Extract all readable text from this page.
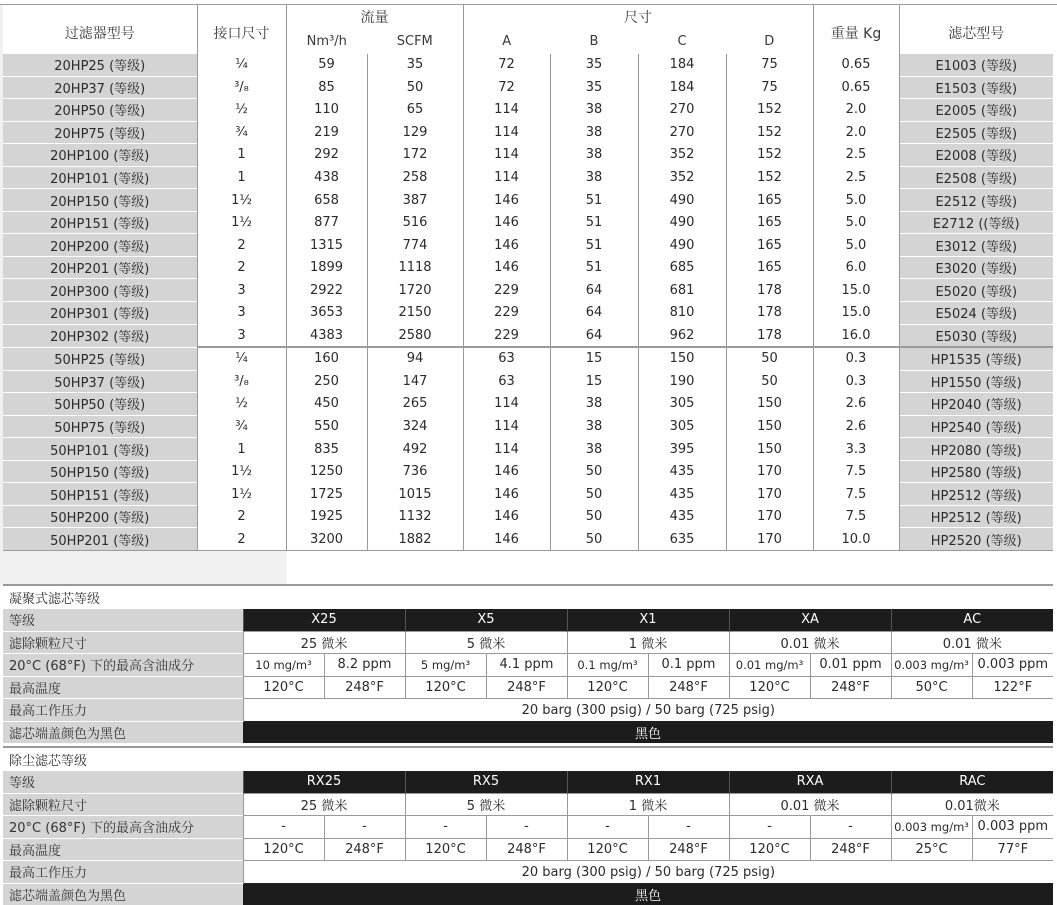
过滤器型号	接口尺寸	流量		尺寸				重量 Kg	滤芯型号
		Nm³/h	SCFM	A	B	C	D		
20HP25 (等级)	¼	59	35	72	35	184	75	0.65	E1003 (等级)
20HP37 (等级)	³/₈	85	50	72	35	184	75	0.65	E1503 (等级)
20HP50 (等级)	½	110	65	114	38	270	152	2.0	E2005 (等级)
20HP75 (等级)	¾	219	129	114	38	270	152	2.0	E2505 (等级)
20HP100 (等级)	1	292	172	114	38	352	152	2.5	E2008 (等级)
20HP101 (等级)	1	438	258	114	38	352	152	2.5	E2508 (等级)
20HP150 (等级)	1½	658	387	146	51	490	165	5.0	E2512 (等级)
20HP151 (等级)	1½	877	516	146	51	490	165	5.0	E2712 ((等级)
20HP200 (等级)	2	1315	774	146	51	490	165	5.0	E3012 (等级)
20HP201 (等级)	2	1899	1118	146	51	685	165	6.0	E3020 (等级)
20HP300 (等级)	3	2922	1720	229	64	681	178	15.0	E5020 (等级)
20HP301 (等级)	3	3653	2150	229	64	810	178	15.0	E5024 (等级)
20HP302 (等级)	3	4383	2580	229	64	962	178	16.0	E5030 (等级)
50HP25 (等级)	¼	160	94	63	15	150	50	0.3	HP1535 (等级)
50HP37 (等级)	³/₈	250	147	63	15	190	50	0.3	HP1550 (等级)
50HP50 (等级)	½	450	265	114	38	305	150	2.6	HP2040 (等级)
50HP75 (等级)	¾	550	324	114	38	305	150	2.6	HP2540 (等级)
50HP101 (等级)	1	835	492	114	38	395	150	3.3	HP2080 (等级)
50HP150 (等级)	1½	1250	736	146	50	435	170	7.5	HP2580 (等级)
50HP151 (等级)	1½	1725	1015	146	50	435	170	7.5	HP2512 (等级)
50HP200 (等级)	2	1925	1132	146	50	435	170	7.5	HP2512 (等级)
50HP201 (等级)	2	3200	1882	146	50	635	170	10.0	HP2520 (等级)
凝聚式滤芯等级										
等级	X25		X5		X1		XA		AC	
滤除颗粒尺寸	25 微米		5 微米		1 微米		0.01 微米		0.01 微米	
20°C (68°F) 下的最高含油成分	10 mg/m³	8.2 ppm	5 mg/m³	4.1 ppm	0.1 mg/m³	0.1 ppm	0.01 mg/m³	0.01 ppm	0.003 mg/m³	0.003 ppm
最高温度	120°C	248°F	120°C	248°F	120°C	248°F	120°C	248°F	50°C	122°F
最高工作压力	20 barg (300 psig) / 50 barg (725 psig)									
滤芯端盖颜色为黑色	黑色									
除尘滤芯等级										
等级	RX25		RX5		RX1		RXA		RAC	
滤除颗粒尺寸	25 微米		5 微米		1 微米		0.01 微米		0.01微米	
20°C (68°F) 下的最高含油成分	-	-	-	-	-	-	-	-	0.003 mg/m³	0.003 ppm
最高温度	120°C	248°F	120°C	248°F	120°C	248°F	120°C	248°F	25°C	77°F
最高工作压力	20 barg (300 psig) / 50 barg (725 psig)									
滤芯端盖颜色为黑色	黑色									
